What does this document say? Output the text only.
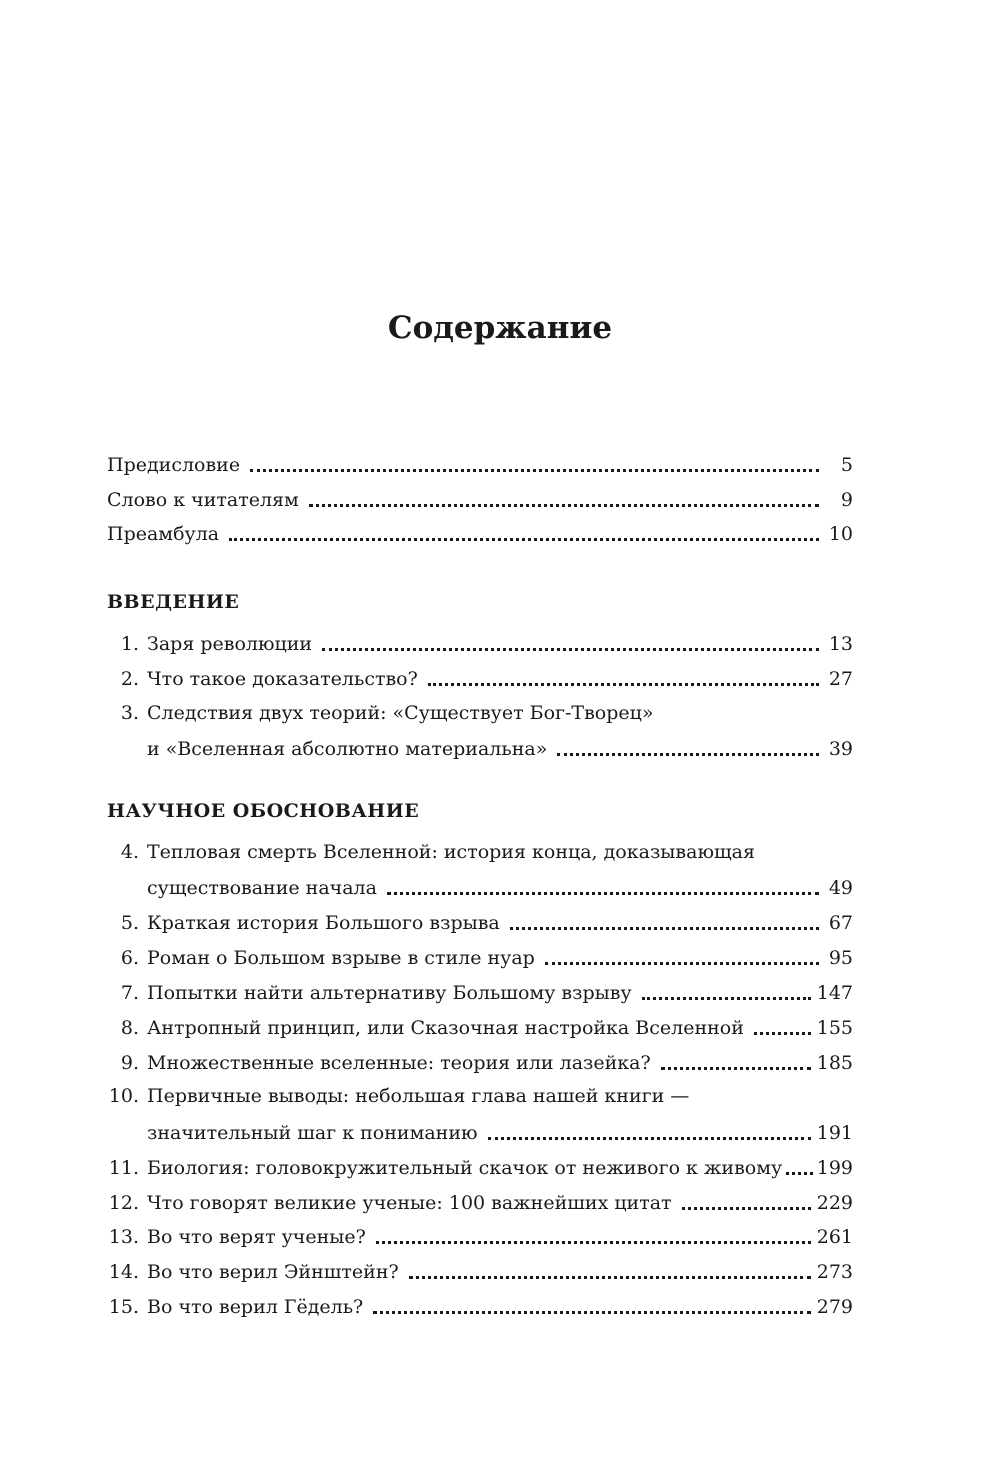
Содержание
Предисловие	5
Слово к читателям	9
Преамбула	10
ВВЕДЕНИЕ
1. Заря революции	13
2. Что такое доказательство?	27
3. Следствия двух теорий: «Существует Бог-Творец»
и «Вселенная абсолютно материальна»	39
НАУЧНОЕ ОБОСНОВАНИЕ
4. Тепловая смерть Вселенной: история конца, доказывающая
существование начала	49
5. Краткая история Большого взрыва	67
6. Роман о Большом взрыве в стиле нуар	95
7. Попытки найти альтернативу Большому взрыву	147
8. Антропный принцип, или Сказочная настройка Вселенной	155
9. Множественные вселенные: теория или лазейка?	185
10. Первичные выводы: небольшая глава нашей книги —
значительный шаг к пониманию	191
11. Биология: головокружительный скачок от неживого к живому 199
12. Что говорят великие ученые: 100 важнейших цитат	229
13. Во что верят ученые?	261
14. Во что верил Эйнштейн?	273
15. Во что верил Гёдель?	279
